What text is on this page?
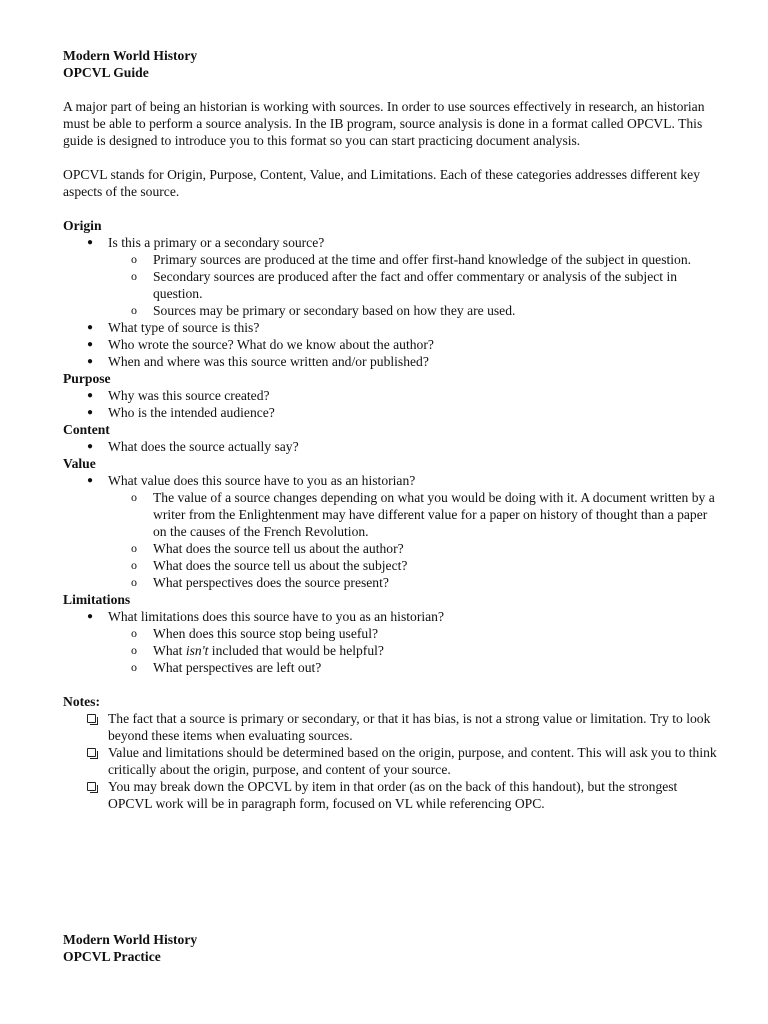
Modern World History
OPCVL Guide

A major part of being an historian is working with sources. In order to use sources effectively in research, an historian must be able to perform a source analysis. In the IB program, source analysis is done in a format called OPCVL. This guide is designed to introduce you to this format so you can start practicing document analysis.

OPCVL stands for Origin, Purpose, Content, Value, and Limitations. Each of these categories addresses different key aspects of the source.

Origin
● Is this a primary or a secondary source?
o Primary sources are produced at the time and offer first-hand knowledge of the subject in question.
o Secondary sources are produced after the fact and offer commentary or analysis of the subject in question.
o Sources may be primary or secondary based on how they are used.
● What type of source is this?
● Who wrote the source? What do we know about the author?
● When and where was this source written and/or published?
Purpose
● Why was this source created?
● Who is the intended audience?
Content
● What does the source actually say?
Value
● What value does this source have to you as an historian?
o The value of a source changes depending on what you would be doing with it. A document written by a writer from the Enlightenment may have different value for a paper on history of thought than a paper on the causes of the French Revolution.
o What does the source tell us about the author?
o What does the source tell us about the subject?
o What perspectives does the source present?
Limitations
● What limitations does this source have to you as an historian?
o When does this source stop being useful?
o What isn't included that would be helpful?
o What perspectives are left out?
Notes:
The fact that a source is primary or secondary, or that it has bias, is not a strong value or limitation. Try to look beyond these items when evaluating sources.
Value and limitations should be determined based on the origin, purpose, and content. This will ask you to think critically about the origin, purpose, and content of your source.
You may break down the OPCVL by item in that order (as on the back of this handout), but the strongest OPCVL work will be in paragraph form, focused on VL while referencing OPC.
Modern World History
OPCVL Practice
